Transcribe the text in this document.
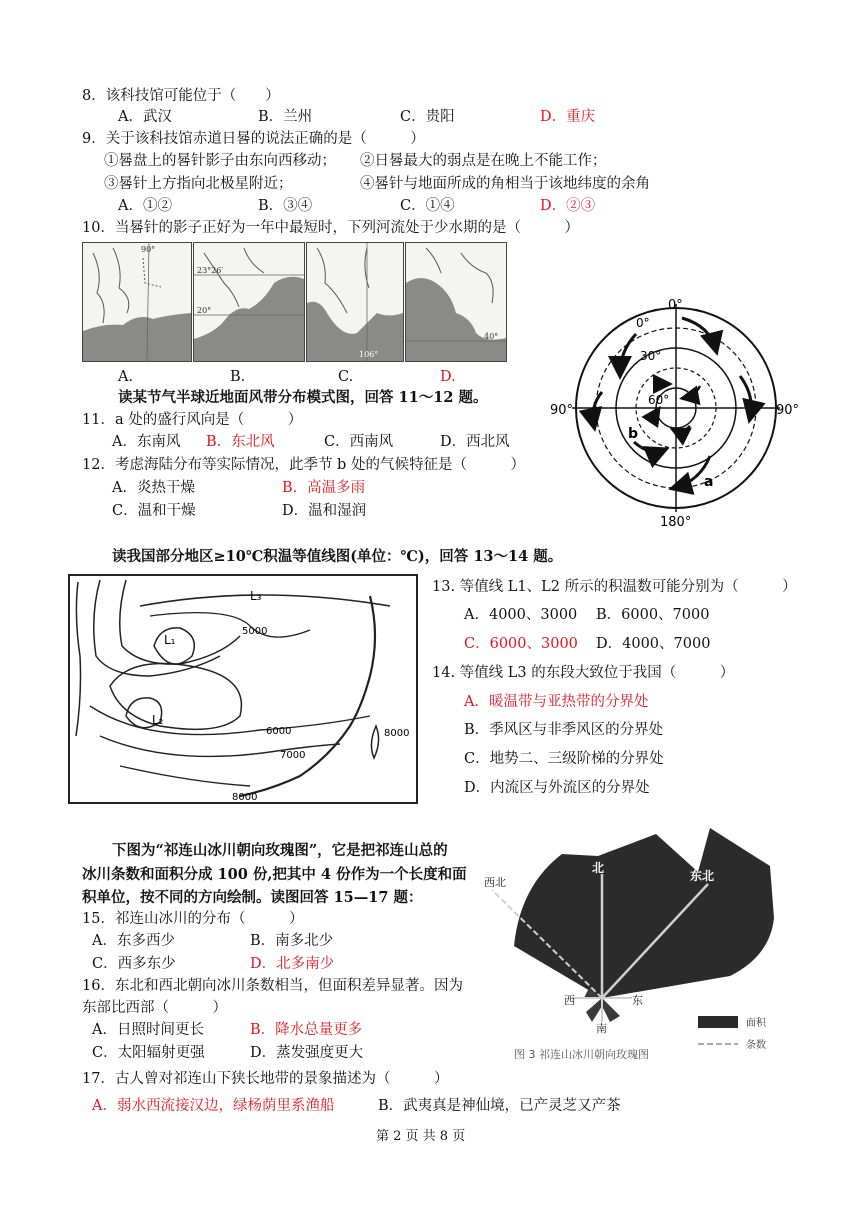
8．该科技馆可能位于（　　）
A．武汉	B．兰州	C．贵阳	D．重庆
9．关于该科技馆赤道日晷的说法正确的是（　　　）
①晷盘上的晷针影子由东向西移动； ②日晷最大的弱点是在晚上不能工作；
③晷针上方指向北极星附近；	④晷针与地面所成的角相当于该地纬度的余角
A．①②	B．③④	C．①④	D．②③
10．当晷针的影子正好为一年中最短时，下列河流处于少水期的是（　　　）
90°
23°26′
20°
106°
40°
A.	B.	C.	D.
读某节气半球近地面风带分布模式图，回答 11～12 题。
11．a 处的盛行风向是（　　　）
A．东南风 B．东北风	C．西南风	D．西北风
12．考虑海陆分布等实际情况，此季节 b 处的气候特征是（　　　）
A．炎热干燥	B．高温多雨
C．温和干燥	D．温和湿润
0°
0°
30°
60°
90°	90°
180°
b
a
读我国部分地区≥10℃积温等值线图(单位：℃)，回答 13～14 题。
L₃
L₁
L₂
5000
6000
7000
8000
8000
13. 等值线 L1、L2 所示的积温数可能分别为（　　　）
A．4000、3000 B．6000、7000
C．6000、3000 D．4000、7000
14. 等值线 L3 的东段大致位于我国（　　　）
A．暖温带与亚热带的分界处
B．季风区与非季风区的分界处
C．地势二、三级阶梯的分界处
D．内流区与外流区的分界处
下图为“祁连山冰川朝向玫瑰图”，它是把祁连山总的
冰川条数和面积分成 100 份,把其中 4 份作为一个长度和面
积单位，按不同的方向绘制。读图回答 15—17 题：
15．祁连山冰川的分布（　　　）
A．东多西少	B．南多北少
C．西多东少	D．北多南少
16．东北和西北朝向冰川条数相当，但面积差异显著。因为
东部比西部（　　　）
A．日照时间更长	B．降水总量更多
C．太阳辐射更强	D．蒸发强度更大
17．古人曾对祁连山下狭长地带的景象描述为（　　　）
A．弱水西流接汉边，绿杨荫里系渔船	B．武夷真是神仙境，已产灵芝又产茶
西北
北
东北
西	东
南	面积
条数
图 3 祁连山冰川朝向玫瑰图
第 2 页 共 8 页
